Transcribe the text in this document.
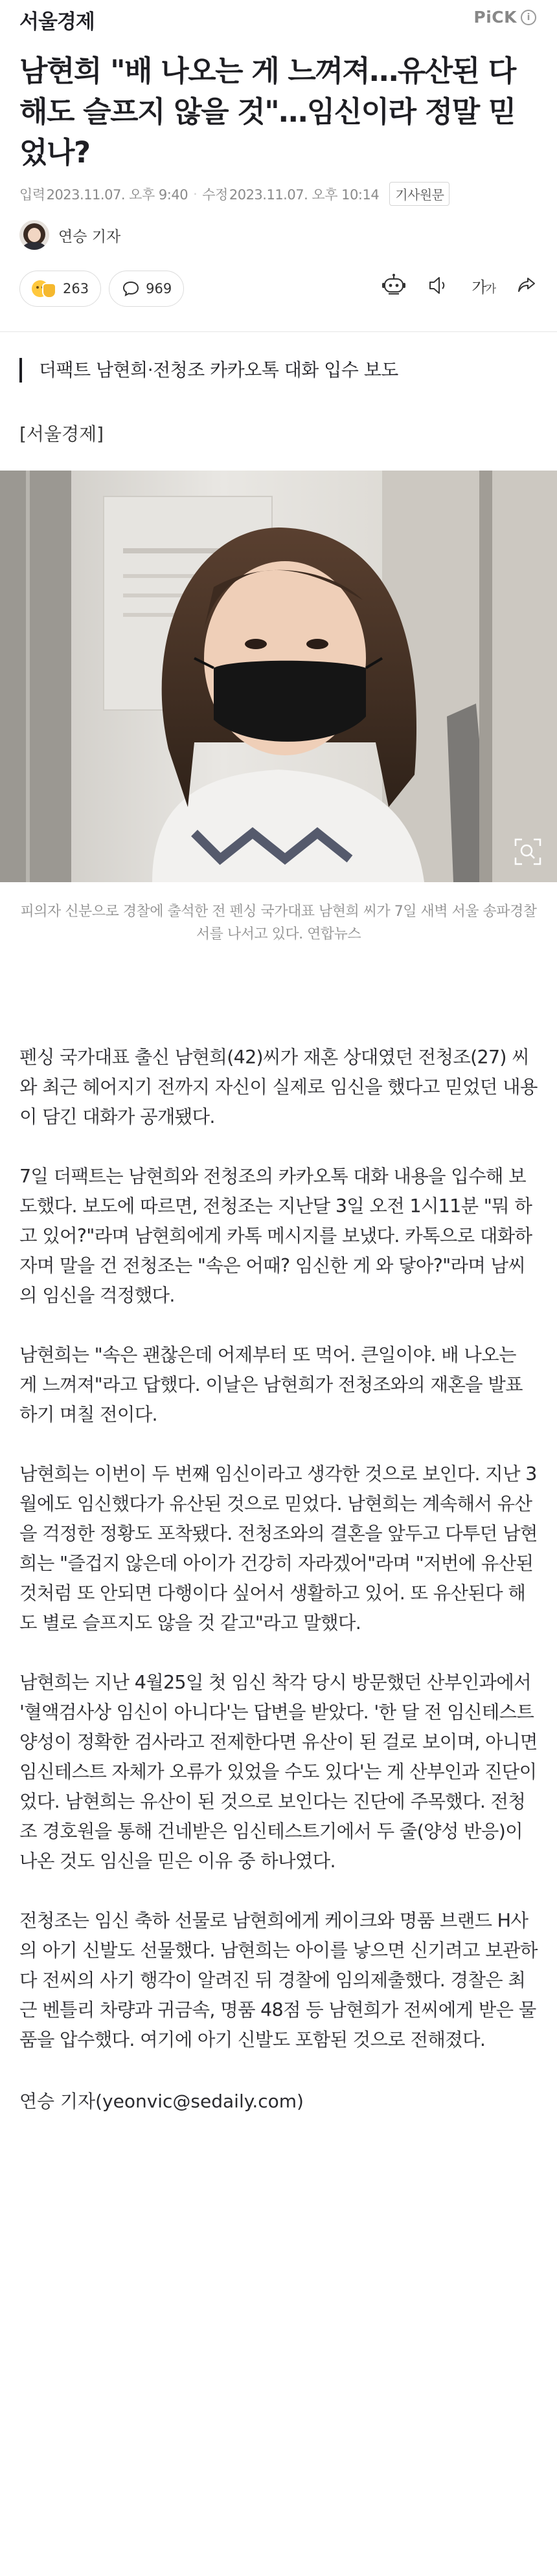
서울경제	PiCK	i
남현희 "배 나오는 게 느껴져…유산된 다 해도 슬프지 않을 것"…임신이라 정말 믿었나?
입력 2023.11.07. 오후 9:40 · 수정 2023.11.07. 오후 10:14	기사원문
연승 기자
263	969	가가
더팩트 남현희·전청조 카카오톡 대화 입수 보도
[서울경제]
피의자 신분으로 경찰에 출석한 전 펜싱 국가대표 남현희 씨가 7일 새벽 서울 송파경찰서를 나서고 있다. 연합뉴스

펜싱 국가대표 출신 남현희(42)씨가 재혼 상대였던 전청조(27) 씨와 최근 헤어지기 전까지 자신이 실제로 임신을 했다고 믿었던 내용이 담긴 대화가 공개됐다.

7일 더팩트는 남현희와 전청조의 카카오톡 대화 내용을 입수해 보도했다. 보도에 따르면, 전청조는 지난달 3일 오전 1시11분 "뭐 하고 있어?"라며 남현희에게 카톡 메시지를 보냈다. 카톡으로 대화하자며 말을 건 전청조는 "속은 어때? 임신한 게 와 닿아?"라며 남씨의 임신을 걱정했다.

남현희는 "속은 괜찮은데 어제부터 또 먹어. 큰일이야. 배 나오는 게 느껴져"라고 답했다. 이날은 남현희가 전청조와의 재혼을 발표하기 며칠 전이다.

남현희는 이번이 두 번째 임신이라고 생각한 것으로 보인다. 지난 3월에도 임신했다가 유산된 것으로 믿었다. 남현희는 계속해서 유산을 걱정한 정황도 포착됐다. 전청조와의 결혼을 앞두고 다투던 남현희는 "즐겁지 않은데 아이가 건강히 자라겠어"라며 "저번에 유산된 것처럼 또 안되면 다행이다 싶어서 생활하고 있어. 또 유산된다 해도 별로 슬프지도 않을 것 같고"라고 말했다.

남현희는 지난 4월25일 첫 임신 착각 당시 방문했던 산부인과에서 '혈액검사상 임신이 아니다'는 답변을 받았다. '한 달 전 임신테스트 양성이 정확한 검사라고 전제한다면 유산이 된 걸로 보이며, 아니면 임신테스트 자체가 오류가 있었을 수도 있다'는 게 산부인과 진단이었다. 남현희는 유산이 된 것으로 보인다는 진단에 주목했다. 전청조 경호원을 통해 건네받은 임신테스트기에서 두 줄(양성 반응)이 나온 것도 임신을 믿은 이유 중 하나였다.

전청조는 임신 축하 선물로 남현희에게 케이크와 명품 브랜드 H사의 아기 신발도 선물했다. 남현희는 아이를 낳으면 신기려고 보관하다 전씨의 사기 행각이 알려진 뒤 경찰에 임의제출했다. 경찰은 최근 벤틀리 차량과 귀금속, 명품 48점 등 남현희가 전씨에게 받은 물품을 압수했다. 여기에 아기 신발도 포함된 것으로 전해졌다.

연승 기자(yeonvic@sedaily.com)
